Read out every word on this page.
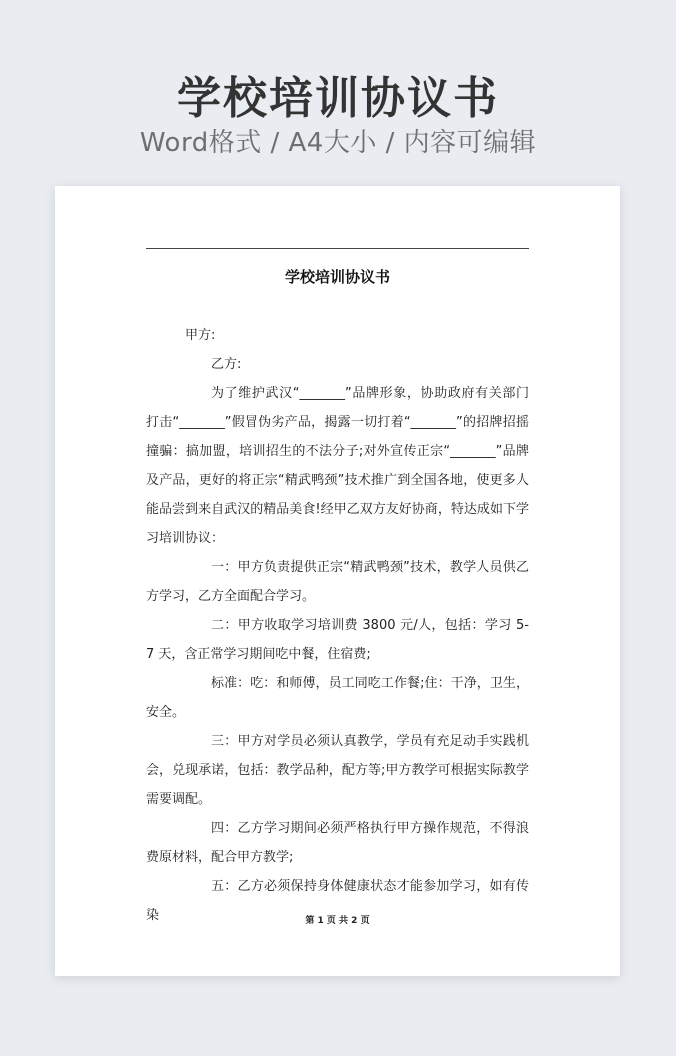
学校培训协议书
Word格式 / A4大小 / 内容可编辑
学校培训协议书

甲方:

乙方:

为了维护武汉“_______”品牌形象，协助政府有关部门打击“_______”假冒伪劣产品，揭露一切打着“_______”的招牌招摇撞骗：搞加盟，培训招生的不法分子;对外宣传正宗“_______”品牌及产品，更好的将正宗“精武鸭颈”技术推广到全国各地，使更多人能品尝到来自武汉的精品美食!经甲乙双方友好协商，特达成如下学习培训协议：

一：甲方负责提供正宗“精武鸭颈”技术，教学人员供乙方学习，乙方全面配合学习。

二：甲方收取学习培训费 3800 元/人，包括：学习 5-7 天，含正常学习期间吃中餐，住宿费;

标准：吃：和师傅，员工同吃工作餐;住：干净，卫生，安全。

三：甲方对学员必须认真教学，学员有充足动手实践机会，兑现承诺，包括：教学品种，配方等;甲方教学可根据实际教学需要调配。

四：乙方学习期间必须严格执行甲方操作规范，不得浪费原材料，配合甲方教学;

五：乙方必须保持身体健康状态才能参加学习，如有传染	第 1 页 共 2 页
